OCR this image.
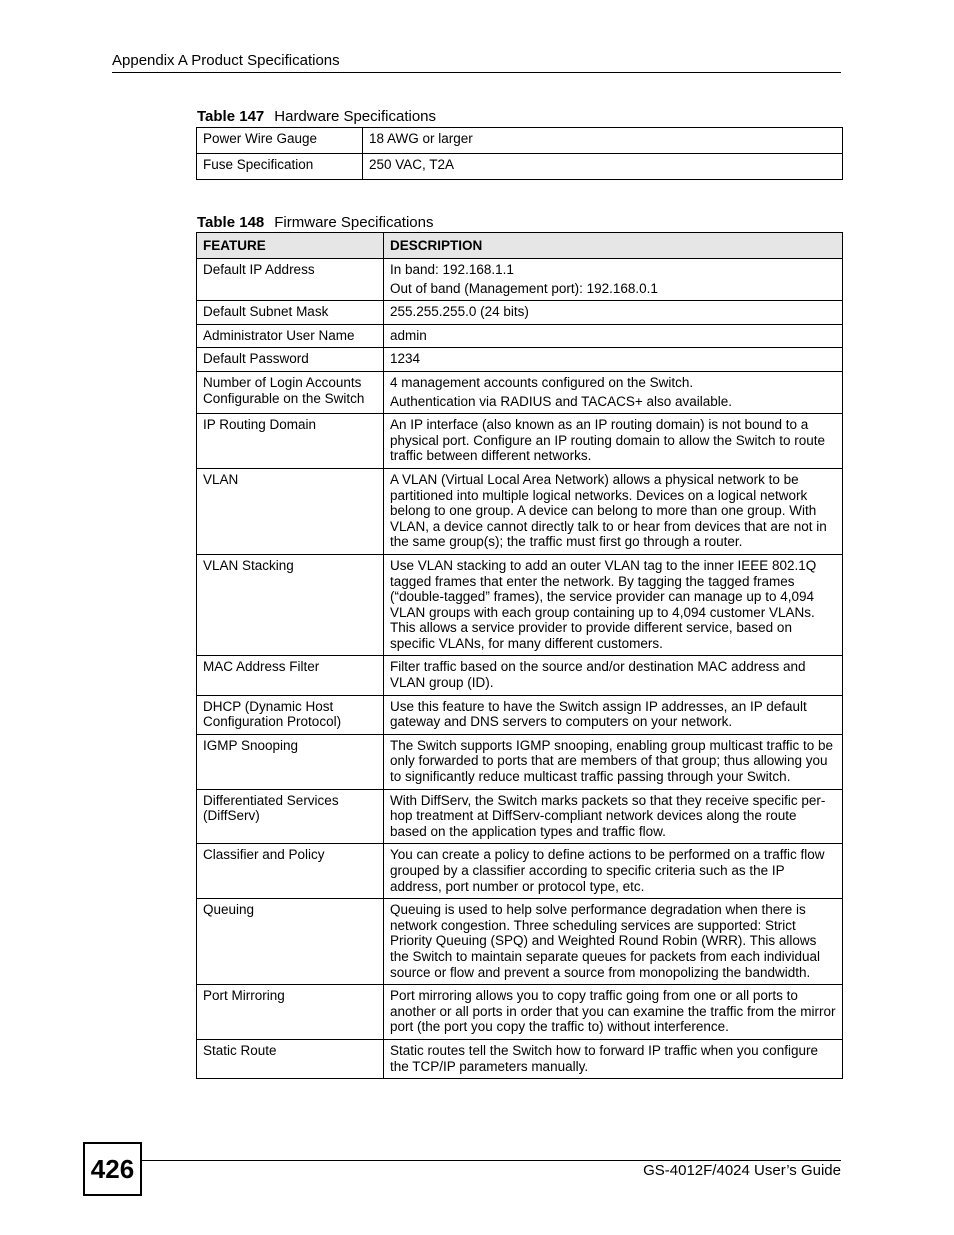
Appendix A Product Specifications
Table 147 Hardware Specifications
Power Wire Gauge	18 AWG or larger

Fuse Specification	250 VAC, T2A

Table 148 Firmware Specifications
FEATURE	DESCRIPTION
Default IP Address	In band: 192.168.1.1

Out of band (Management port): 192.168.0.1

Default Subnet Mask	255.255.255.0 (24 bits)

Administrator User Name	admin

Default Password	1234

Number of Login Accounts Configurable on the Switch	4 management accounts configured on the Switch.

Authentication via RADIUS and TACACS+ also available.

IP Routing Domain	An IP interface (also known as an IP routing domain) is not bound to a physical port. Configure an IP routing domain to allow the Switch to route traffic between different networks.

VLAN	A VLAN (Virtual Local Area Network) allows a physical network to be partitioned into multiple logical networks. Devices on a logical network belong to one group. A device can belong to more than one group. With VLAN, a device cannot directly talk to or hear from devices that are not in the same group(s); the traffic must first go through a router.

VLAN Stacking	Use VLAN stacking to add an outer VLAN tag to the inner IEEE 802.1Q tagged frames that enter the network. By tagging the tagged frames (“double-tagged” frames), the service provider can manage up to 4,094 VLAN groups with each group containing up to 4,094 customer VLANs. This allows a service provider to provide different service, based on specific VLANs, for many different customers.

MAC Address Filter	Filter traffic based on the source and/or destination MAC address and VLAN group (ID).

DHCP (Dynamic Host Configuration Protocol)	Use this feature to have the Switch assign IP addresses, an IP default gateway and DNS servers to computers on your network.

IGMP Snooping	The Switch supports IGMP snooping, enabling group multicast traffic to be only forwarded to ports that are members of that group; thus allowing you to significantly reduce multicast traffic passing through your Switch.

Differentiated Services (DiffServ)	With DiffServ, the Switch marks packets so that they receive specific per-hop treatment at DiffServ-compliant network devices along the route based on the application types and traffic flow.

Classifier and Policy	You can create a policy to define actions to be performed on a traffic flow grouped by a classifier according to specific criteria such as the IP address, port number or protocol type, etc.

Queuing	Queuing is used to help solve performance degradation when there is network congestion. Three scheduling services are supported: Strict Priority Queuing (SPQ) and Weighted Round Robin (WRR). This allows the Switch to maintain separate queues for packets from each individual source or flow and prevent a source from monopolizing the bandwidth.

Port Mirroring	Port mirroring allows you to copy traffic going from one or all ports to another or all ports in order that you can examine the traffic from the mirror port (the port you copy the traffic to) without interference.

Static Route	Static routes tell the Switch how to forward IP traffic when you configure the TCP/IP parameters manually.

426	GS-4012F/4024 User’s Guide
